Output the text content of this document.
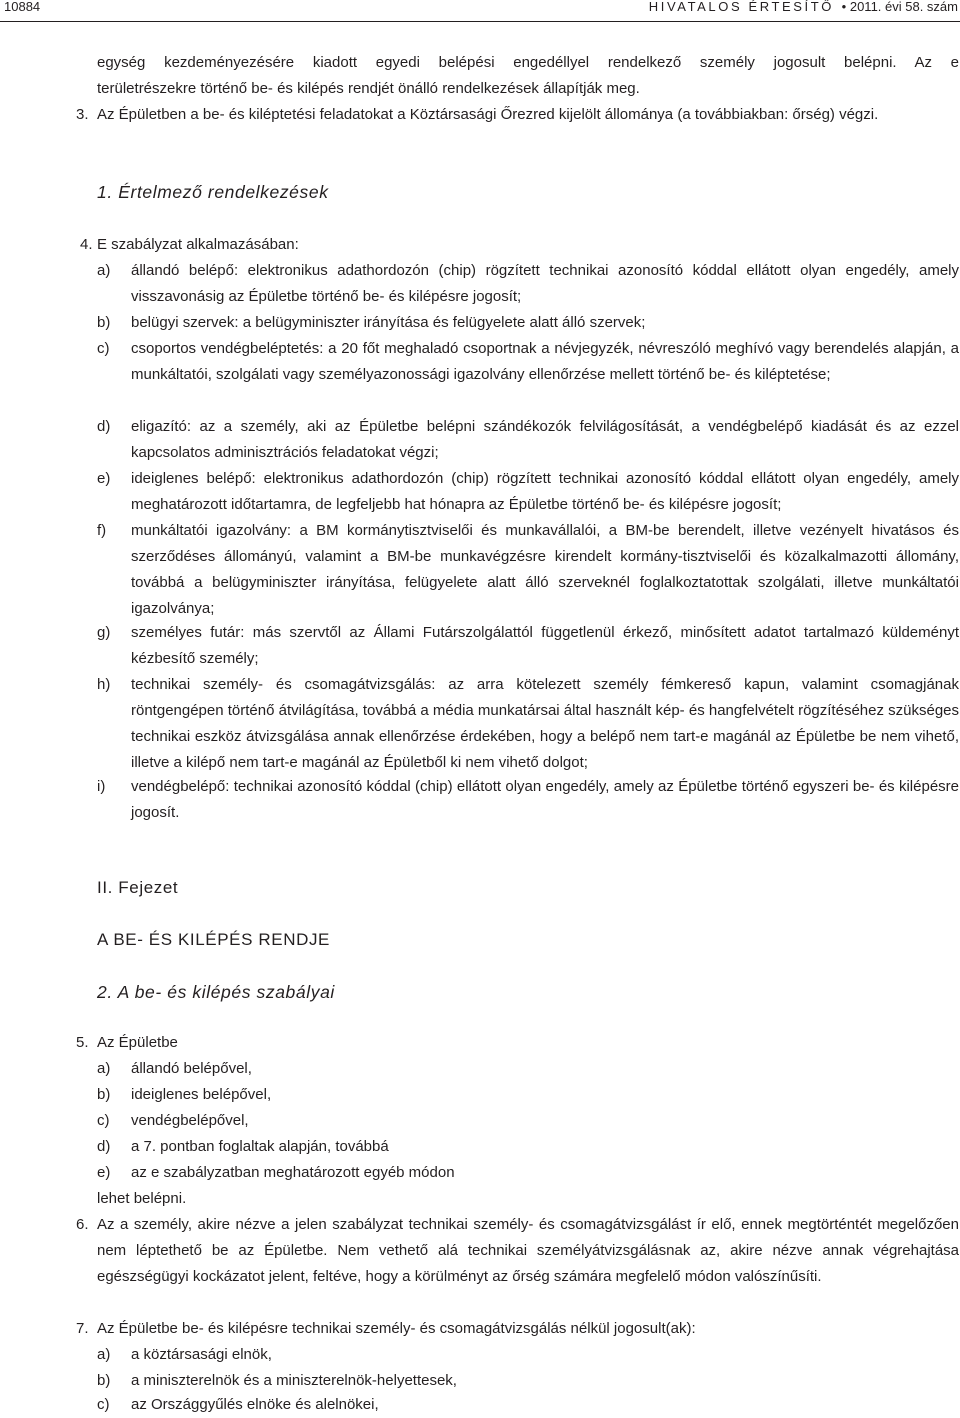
10884	HIVATALOS ÉRTESÍTŐ • 2011. évi 58. szám
egység kezdeményezésére kiadott egyedi belépési engedéllyel rendelkező személy jogosult belépni. Az e
területrészekre történő be- és kilépés rendjét önálló rendelkezések állapítják meg.
3. Az Épületben a be- és kiléptetési feladatokat a Köztársasági Őrezred kijelölt állománya (a továbbiakban: őrség) végzi.
1. Értelmező rendelkezések
4. E szabályzat alkalmazásában:
a) állandó belépő: elektronikus adathordozón (chip) rögzített technikai azonosító kóddal ellátott olyan engedély, amely visszavonásig az Épületbe történő be- és kilépésre jogosít;
b) belügyi szervek: a belügyminiszter irányítása és felügyelete alatt álló szervek;
c) csoportos vendégbeléptetés: a 20 főt meghaladó csoportnak a névjegyzék, névreszóló meghívó vagy berendelés alapján, a munkáltatói, szolgálati vagy személyazonossági igazolvány ellenőrzése mellett történő be- és kiléptetése;
d) eligazító: az a személy, aki az Épületbe belépni szándékozók felvilágosítását, a vendégbelépő kiadását és az ezzel kapcsolatos adminisztrációs feladatokat végzi;
e) ideiglenes belépő: elektronikus adathordozón (chip) rögzített technikai azonosító kóddal ellátott olyan engedély, amely meghatározott időtartamra, de legfeljebb hat hónapra az Épületbe történő be- és kilépésre jogosít;
f) munkáltatói igazolvány: a BM kormánytisztviselői és munkavállalói, a BM-be berendelt, illetve vezényelt hivatásos és szerződéses állományú, valamint a BM-be munkavégzésre kirendelt kormány-tisztviselői és közalkalmazotti állomány, továbbá a belügyminiszter irányítása, felügyelete alatt álló szerveknél foglalkoztatottak szolgálati, illetve munkáltatói igazolványa;
g) személyes futár: más szervtől az Állami Futárszolgálattól függetlenül érkező, minősített adatot tartalmazó küldeményt kézbesítő személy;
h) technikai személy- és csomagátvizsgálás: az arra kötelezett személy fémkereső kapun, valamint csomagjának röntgengépen történő átvilágítása, továbbá a média munkatársai által használt kép- és hangfelvételt rögzítéséhez szükséges technikai eszköz átvizsgálása annak ellenőrzése érdekében, hogy a belépő nem tart-e magánál az Épületbe be nem vihető, illetve a kilépő nem tart-e magánál az Épületből ki nem vihető dolgot;
i) vendégbelépő: technikai azonosító kóddal (chip) ellátott olyan engedély, amely az Épületbe történő egyszeri be- és kilépésre jogosít.
II. Fejezet
A BE- ÉS KILÉPÉS RENDJE
2. A be- és kilépés szabályai
5. Az Épületbe
a) állandó belépővel,
b) ideiglenes belépővel,
c) vendégbelépővel,
d) a 7. pontban foglaltak alapján, továbbá
e) az e szabályzatban meghatározott egyéb módon
lehet belépni.
6. Az a személy, akire nézve a jelen szabályzat technikai személy- és csomagátvizsgálást ír elő, ennek megtörténtét megelőzően nem léptethető be az Épületbe. Nem vethető alá technikai személyátvizsgálásnak az, akire nézve annak végrehajtása egészségügyi kockázatot jelent, feltéve, hogy a körülményt az őrség számára megfelelő módon valószínűsíti.
7. Az Épületbe be- és kilépésre technikai személy- és csomagátvizsgálás nélkül jogosult(ak):
a) a köztársasági elnök,
b) a miniszterelnök és a miniszterelnök-helyettesek,
c) az Országgyűlés elnöke és alelnökei,
